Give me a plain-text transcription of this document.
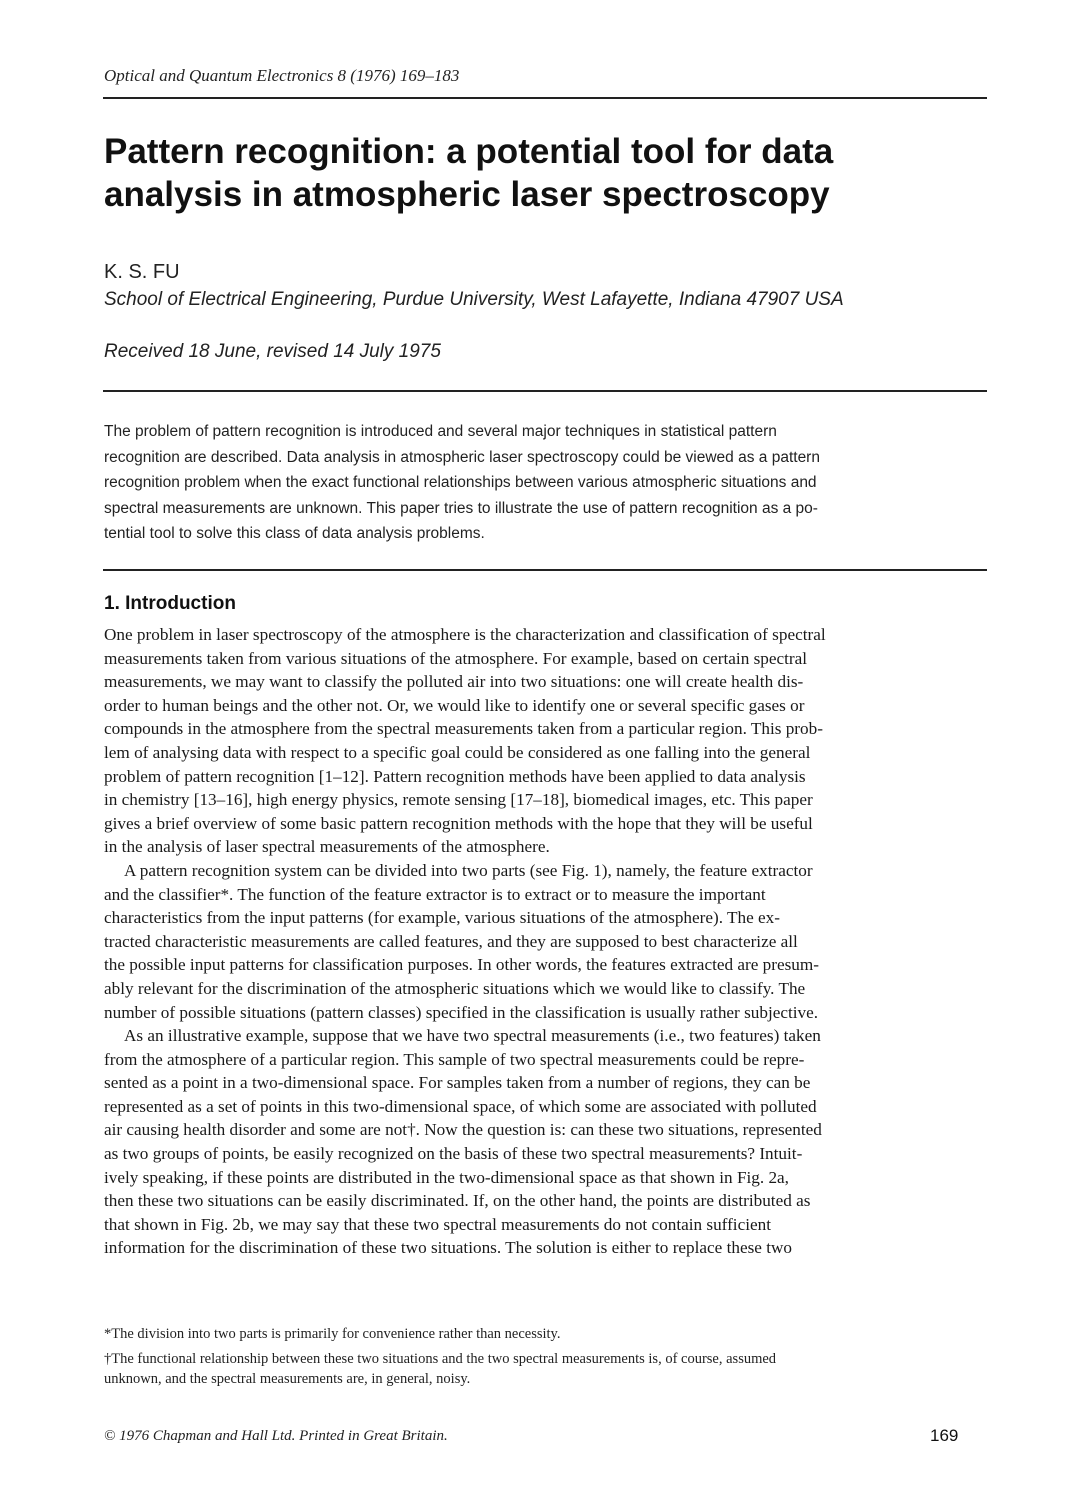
Optical and Quantum Electronics 8 (1976) 169–183
Pattern recognition: a potential tool for data
analysis in atmospheric laser spectroscopy
K. S. FU
School of Electrical Engineering, Purdue University, West Lafayette, Indiana 47907 USA
Received 18 June, revised 14 July 1975
The problem of pattern recognition is introduced and several major techniques in statistical pattern
recognition are described. Data analysis in atmospheric laser spectroscopy could be viewed as a pattern
recognition problem when the exact functional relationships between various atmospheric situations and
spectral measurements are unknown. This paper tries to illustrate the use of pattern recognition as a po-
tential tool to solve this class of data analysis problems.
1. Introduction
One problem in laser spectroscopy of the atmosphere is the characterization and classification of spectral
measurements taken from various situations of the atmosphere. For example, based on certain spectral
measurements, we may want to classify the polluted air into two situations: one will create health dis-
order to human beings and the other not. Or, we would like to identify one or several specific gases or
compounds in the atmosphere from the spectral measurements taken from a particular region. This prob-
lem of analysing data with respect to a specific goal could be considered as one falling into the general
problem of pattern recognition [1–12]. Pattern recognition methods have been applied to data analysis
in chemistry [13–16], high energy physics, remote sensing [17–18], biomedical images, etc. This paper
gives a brief overview of some basic pattern recognition methods with the hope that they will be useful
in the analysis of laser spectral measurements of the atmosphere.
A pattern recognition system can be divided into two parts (see Fig. 1), namely, the feature extractor
and the classifier*. The function of the feature extractor is to extract or to measure the important
characteristics from the input patterns (for example, various situations of the atmosphere). The ex-
tracted characteristic measurements are called features, and they are supposed to best characterize all
the possible input patterns for classification purposes. In other words, the features extracted are presum-
ably relevant for the discrimination of the atmospheric situations which we would like to classify. The
number of possible situations (pattern classes) specified in the classification is usually rather subjective.
As an illustrative example, suppose that we have two spectral measurements (i.e., two features) taken
from the atmosphere of a particular region. This sample of two spectral measurements could be repre-
sented as a point in a two-dimensional space. For samples taken from a number of regions, they can be
represented as a set of points in this two-dimensional space, of which some are associated with polluted
air causing health disorder and some are not†. Now the question is: can these two situations, represented
as two groups of points, be easily recognized on the basis of these two spectral measurements? Intuit-
ively speaking, if these points are distributed in the two-dimensional space as that shown in Fig. 2a,
then these two situations can be easily discriminated. If, on the other hand, the points are distributed as
that shown in Fig. 2b, we may say that these two spectral measurements do not contain sufficient
information for the discrimination of these two situations. The solution is either to replace these two
*The division into two parts is primarily for convenience rather than necessity.
†The functional relationship between these two situations and the two spectral measurements is, of course, assumed
unknown, and the spectral measurements are, in general, noisy.
© 1976 Chapman and Hall Ltd. Printed in Great Britain.	169
